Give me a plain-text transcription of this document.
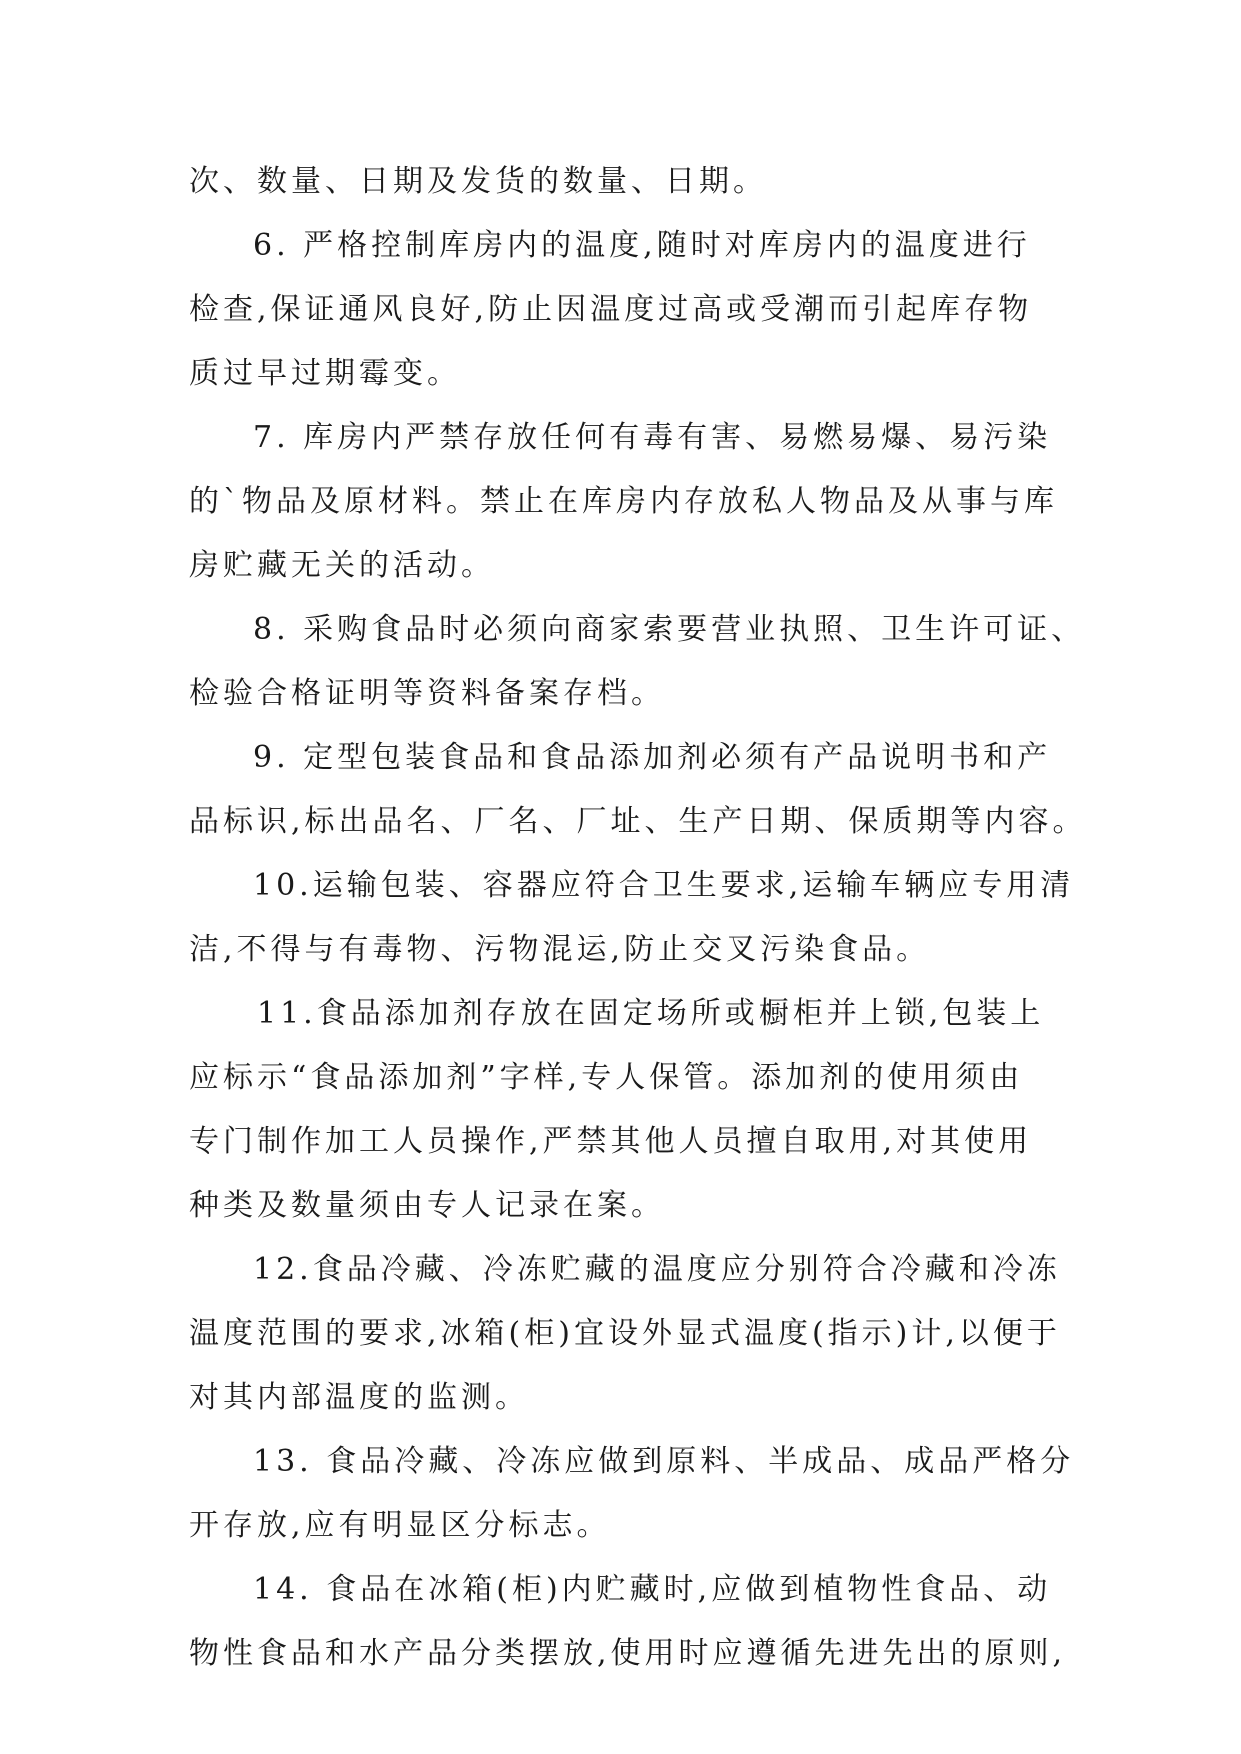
次、数量、日期及发货的数量、日期。
6. 严格控制库房内的温度,随时对库房内的温度进行
检查,保证通风良好,防止因温度过高或受潮而引起库存物
质过早过期霉变。
7. 库房内严禁存放任何有毒有害、易燃易爆、易污染
的`物品及原材料。禁止在库房内存放私人物品及从事与库
房贮藏无关的活动。
8. 采购食品时必须向商家索要营业执照、卫生许可证、
检验合格证明等资料备案存档。
9. 定型包装食品和食品添加剂必须有产品说明书和产
品标识,标出品名、厂名、厂址、生产日期、保质期等内容。
10.运输包装、容器应符合卫生要求,运输车辆应专用清
洁,不得与有毒物、污物混运,防止交叉污染食品。
11.食品添加剂存放在固定场所或橱柜并上锁,包装上
应标示“食品添加剂”字样,专人保管。添加剂的使用须由
专门制作加工人员操作,严禁其他人员擅自取用,对其使用
种类及数量须由专人记录在案。
12.食品冷藏、冷冻贮藏的温度应分别符合冷藏和冷冻
温度范围的要求,冰箱(柜)宜设外显式温度(指示)计,以便于
对其内部温度的监测。
13. 食品冷藏、冷冻应做到原料、半成品、成品严格分
开存放,应有明显区分标志。
14. 食品在冰箱(柜)内贮藏时,应做到植物性食品、动
物性食品和水产品分类摆放,使用时应遵循先进先出的原则,
